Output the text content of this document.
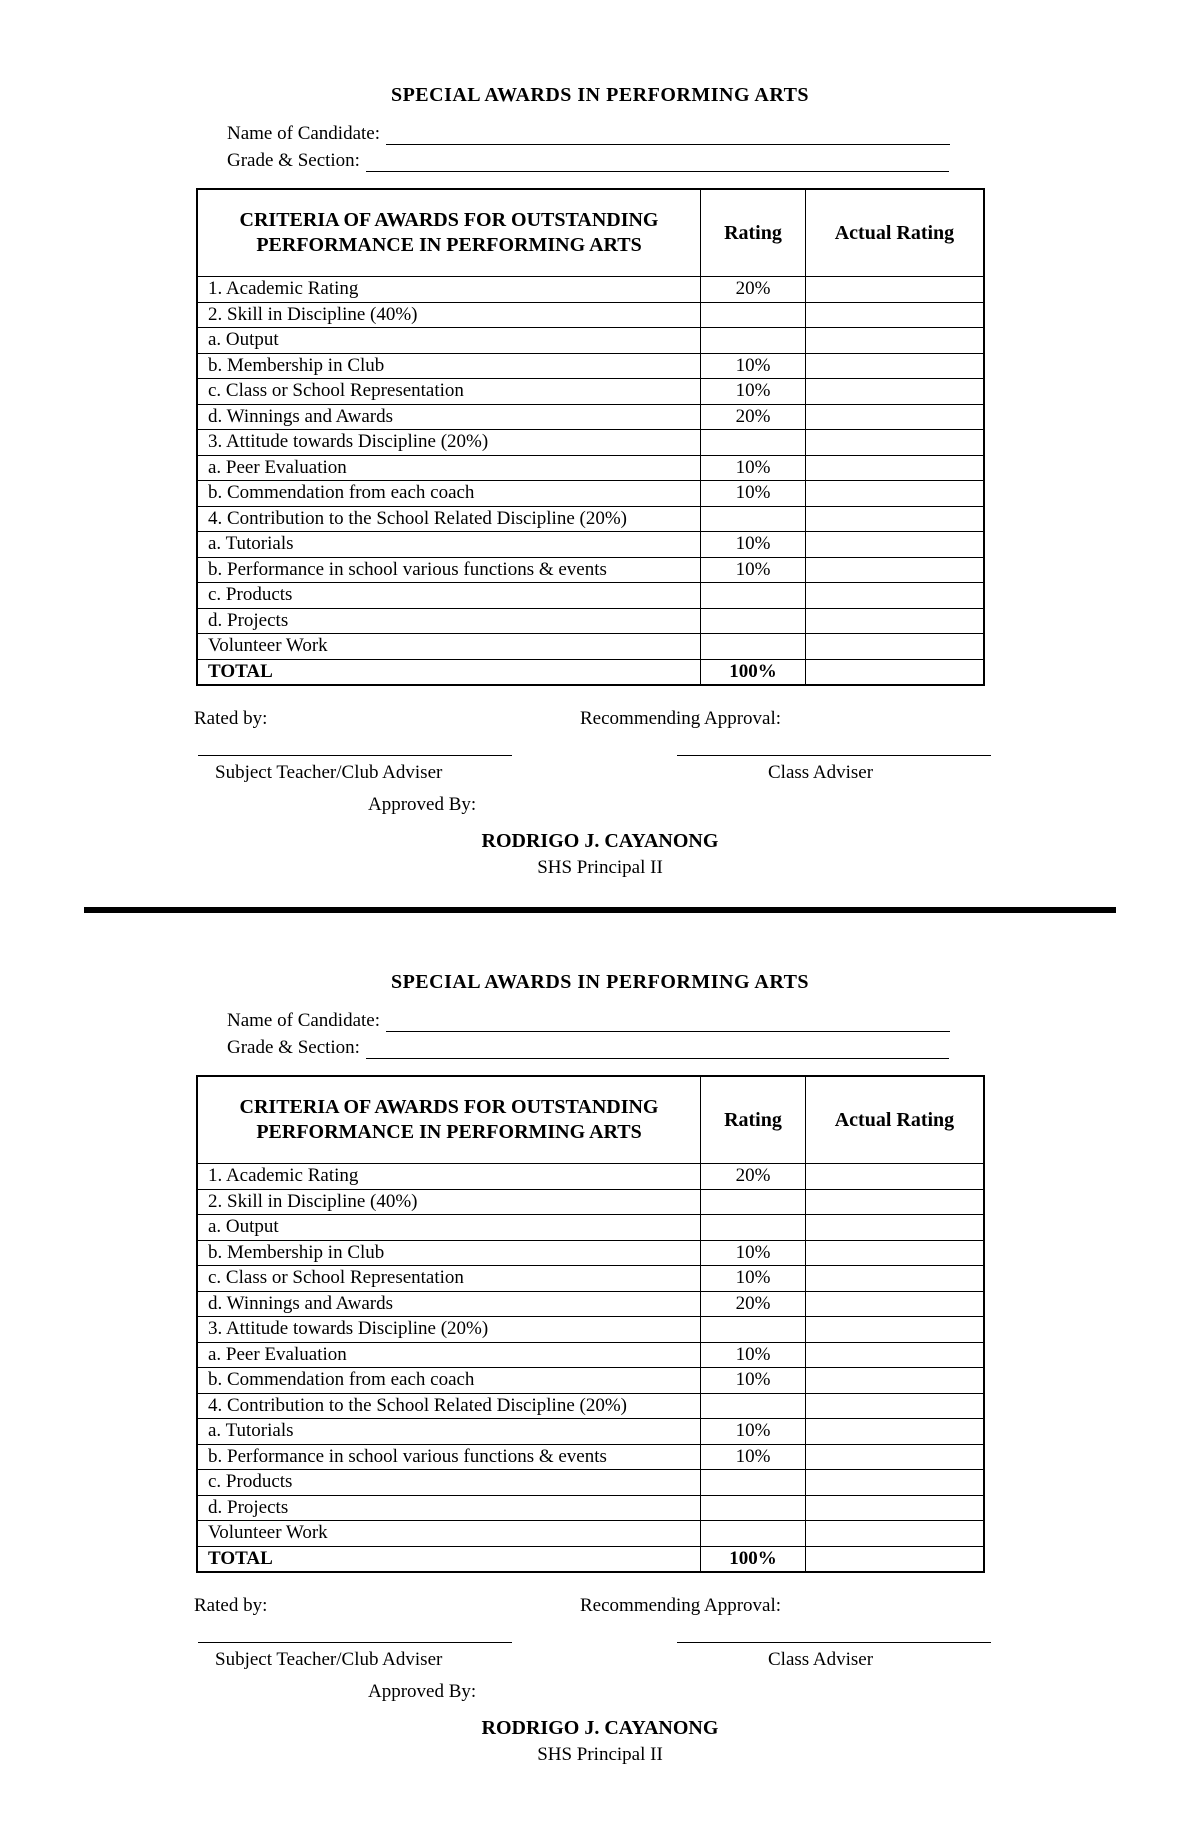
SPECIAL AWARDS IN PERFORMING ARTS
Name of Candidate:
Grade & Section:
CRITERIA OF AWARDS FOR OUTSTANDING PERFORMANCE IN PERFORMING ARTS	Rating	Actual Rating
1. Academic Rating	20%	
2. Skill in Discipline (40%)		
a. Output		
b. Membership in Club	10%	
c. Class or School Representation	10%	
d. Winnings and Awards	20%	
3. Attitude towards Discipline (20%)		
a. Peer Evaluation	10%	
b. Commendation from each coach	10%	
4. Contribution to the School Related Discipline (20%)		
a. Tutorials	10%	
b. Performance in school various functions & events	10%	
c. Products		
d. Projects		
Volunteer Work		
TOTAL	100%	
Rated by:	Recommending Approval:
Subject Teacher/Club Adviser	Class Adviser
Approved By:
RODRIGO J. CAYANONG
SHS Principal II
SPECIAL AWARDS IN PERFORMING ARTS
Name of Candidate:
Grade & Section:
CRITERIA OF AWARDS FOR OUTSTANDING PERFORMANCE IN PERFORMING ARTS	Rating	Actual Rating
1. Academic Rating	20%	
2. Skill in Discipline (40%)		
a. Output		
b. Membership in Club	10%	
c. Class or School Representation	10%	
d. Winnings and Awards	20%	
3. Attitude towards Discipline (20%)		
a. Peer Evaluation	10%	
b. Commendation from each coach	10%	
4. Contribution to the School Related Discipline (20%)		
a. Tutorials	10%	
b. Performance in school various functions & events	10%	
c. Products		
d. Projects		
Volunteer Work		
TOTAL	100%	
Rated by:	Recommending Approval:
Subject Teacher/Club Adviser	Class Adviser
Approved By:
RODRIGO J. CAYANONG
SHS Principal II
